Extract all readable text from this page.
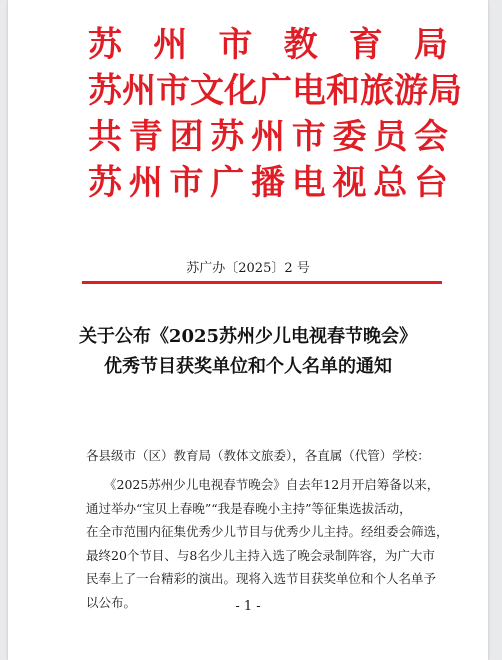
苏 州 市 教 育 局
苏 州 市 文 化 广 电 和 旅 游 局
共 青 团 苏 州 市 委 员 会
苏 州 市 广 播 电 视 总 台
苏广办〔2025〕2 号
关于公布《2025苏州少儿电视春节晚会》
优秀节目获奖单位和个人名单的通知
各县级市（区）教育局（教体文旅委），各直属（代管）学校：
《2025苏州少儿电视春节晚会》自去年12月开启筹备以来，
通过举办“宝贝上春晚”“我是春晚小主持”等征集选拔活动，
在全市范围内征集优秀少儿节目与优秀少儿主持。经组委会筛选，
最终20个节目、与8名少儿主持入选了晚会录制阵容，为广大市
民奉上了一台精彩的演出。现将入选节目获奖单位和个人名单予
以公布。	- 1 -
